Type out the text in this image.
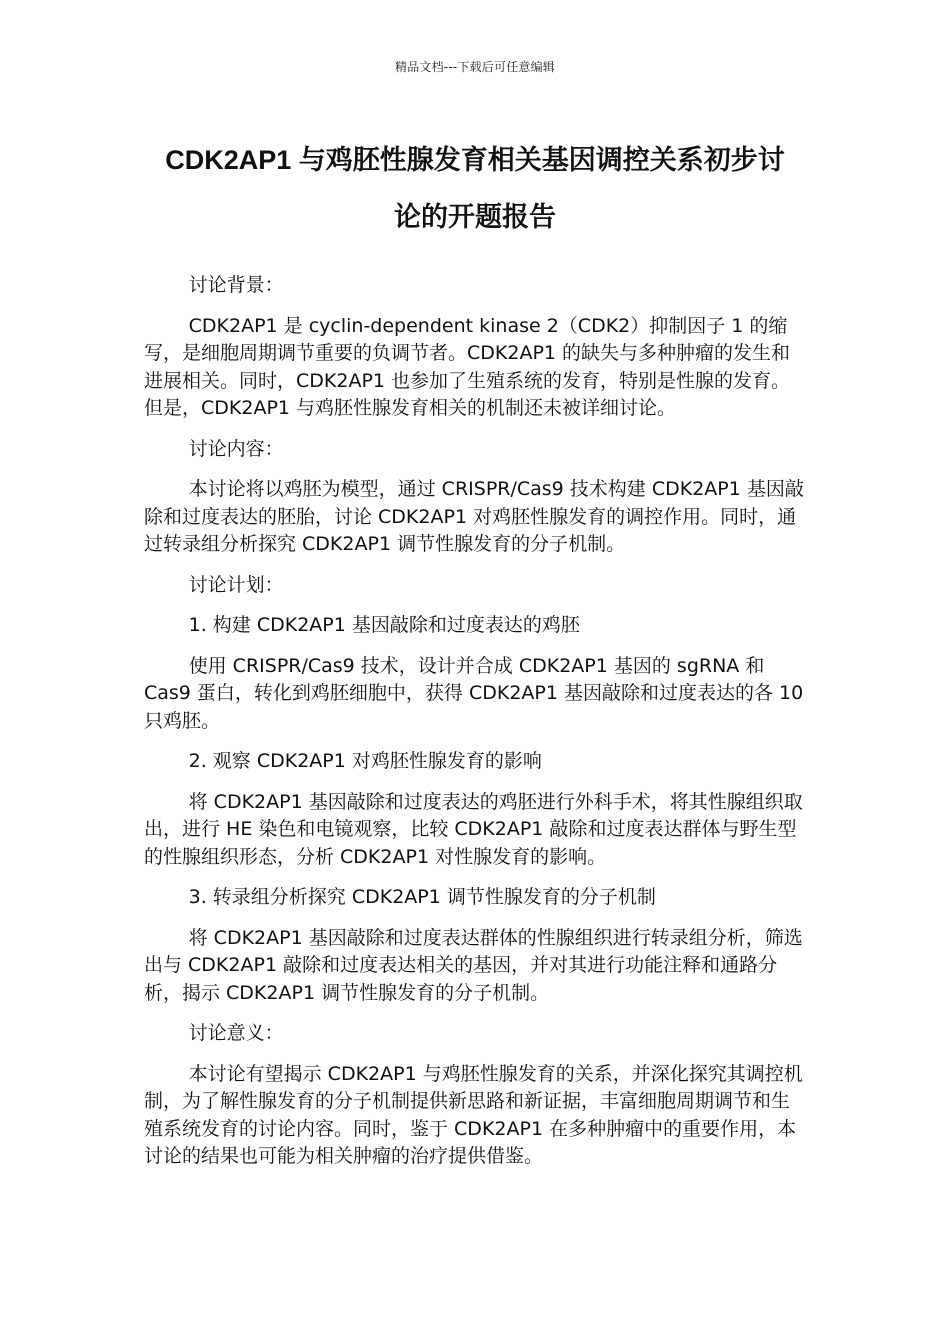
精品文档---下载后可任意编辑
CDK2AP1 与鸡胚性腺发育相关基因调控关系初步讨
论的开题报告

讨论背景：

CDK2AP1 是 cyclin-dependent kinase 2（CDK2）抑制因子 1 的缩写，是细胞周期调节重要的负调节者。CDK2AP1 的缺失与多种肿瘤的发生和进展相关。同时，CDK2AP1 也参加了生殖系统的发育，特别是性腺的发育。但是，CDK2AP1 与鸡胚性腺发育相关的机制还未被详细讨论。

讨论内容：

本讨论将以鸡胚为模型，通过 CRISPR/Cas9 技术构建 CDK2AP1 基因敲除和过度表达的胚胎，讨论 CDK2AP1 对鸡胚性腺发育的调控作用。同时，通过转录组分析探究 CDK2AP1 调节性腺发育的分子机制。

讨论计划：

1. 构建 CDK2AP1 基因敲除和过度表达的鸡胚

使用 CRISPR/Cas9 技术，设计并合成 CDK2AP1 基因的 sgRNA 和 Cas9 蛋白，转化到鸡胚细胞中，获得 CDK2AP1 基因敲除和过度表达的各 10 只鸡胚。

2. 观察 CDK2AP1 对鸡胚性腺发育的影响

将 CDK2AP1 基因敲除和过度表达的鸡胚进行外科手术，将其性腺组织取出，进行 HE 染色和电镜观察，比较 CDK2AP1 敲除和过度表达群体与野生型的性腺组织形态，分析 CDK2AP1 对性腺发育的影响。

3. 转录组分析探究 CDK2AP1 调节性腺发育的分子机制

将 CDK2AP1 基因敲除和过度表达群体的性腺组织进行转录组分析，筛选出与 CDK2AP1 敲除和过度表达相关的基因，并对其进行功能注释和通路分析，揭示 CDK2AP1 调节性腺发育的分子机制。

讨论意义：

本讨论有望揭示 CDK2AP1 与鸡胚性腺发育的关系，并深化探究其调控机制，为了解性腺发育的分子机制提供新思路和新证据，丰富细胞周期调节和生殖系统发育的讨论内容。同时，鉴于 CDK2AP1 在多种肿瘤中的重要作用，本讨论的结果也可能为相关肿瘤的治疗提供借鉴。
